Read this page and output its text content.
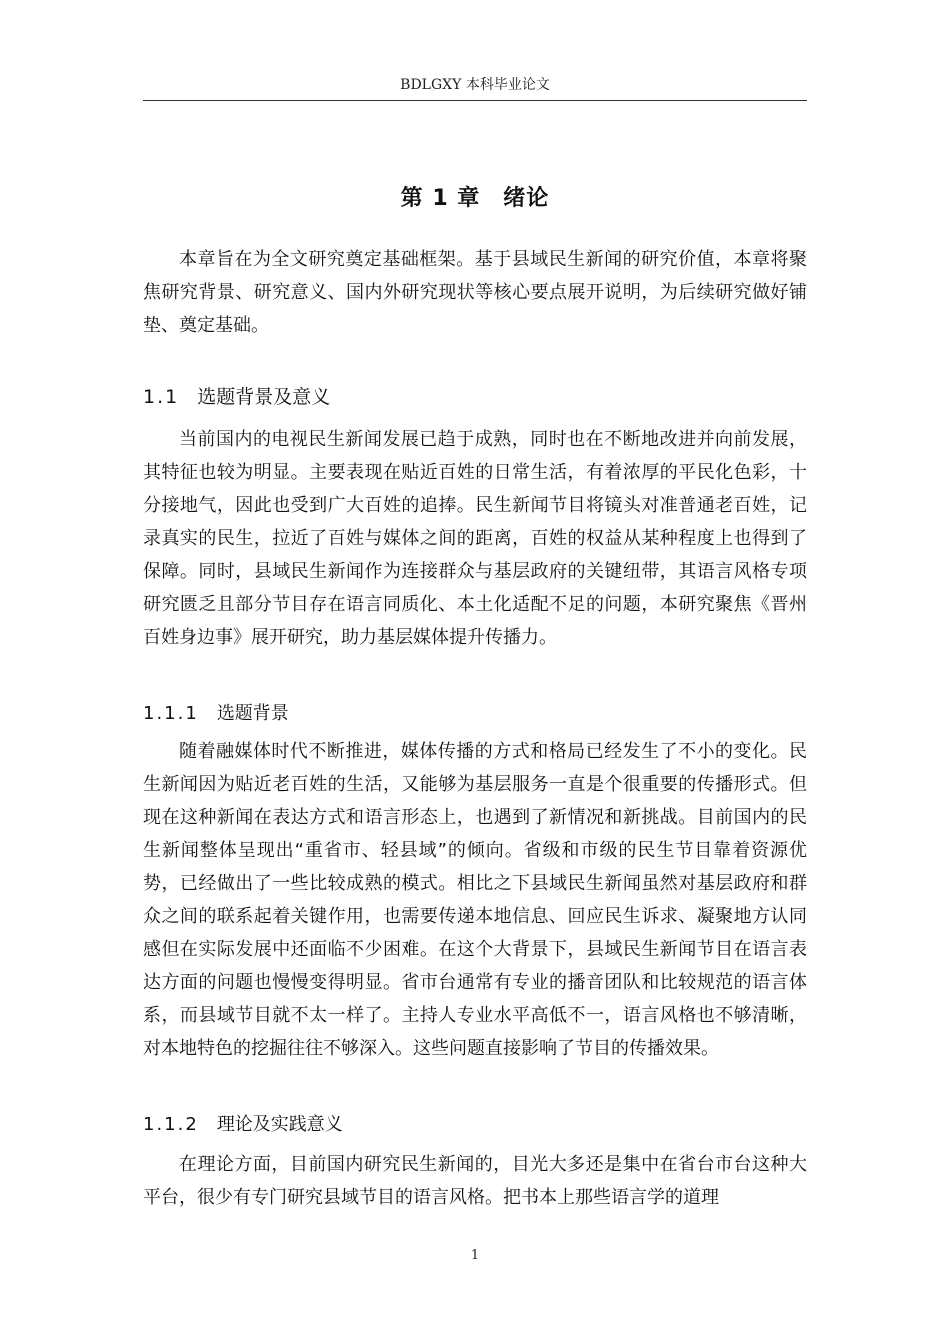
BDLGXY 本科毕业论文
第 1 章　绪论

本章旨在为全文研究奠定基础框架。基于县域民生新闻的研究价值，本章将聚焦研究背景、研究意义、国内外研究现状等核心要点展开说明，为后续研究做好铺垫、奠定基础。

1.1 选题背景及意义

当前国内的电视民生新闻发展已趋于成熟，同时也在不断地改进并向前发展，其特征也较为明显。主要表现在贴近百姓的日常生活，有着浓厚的平民化色彩，十分接地气，因此也受到广大百姓的追捧。民生新闻节目将镜头对准普通老百姓，记录真实的民生，拉近了百姓与媒体之间的距离，百姓的权益从某种程度上也得到了保障。同时，县域民生新闻作为连接群众与基层政府的关键纽带，其语言风格专项研究匮乏且部分节目存在语言同质化、本土化适配不足的问题，本研究聚焦《晋州百姓身边事》展开研究，助力基层媒体提升传播力。

1.1.1 选题背景

随着融媒体时代不断推进，媒体传播的方式和格局已经发生了不小的变化。民生新闻因为贴近老百姓的生活，又能够为基层服务一直是个很重要的传播形式。但现在这种新闻在表达方式和语言形态上，也遇到了新情况和新挑战。目前国内的民生新闻整体呈现出“重省市、轻县域”的倾向。省级和市级的民生节目靠着资源优势，已经做出了一些比较成熟的模式。相比之下县域民生新闻虽然对基层政府和群众之间的联系起着关键作用，也需要传递本地信息、回应民生诉求、凝聚地方认同感但在实际发展中还面临不少困难。在这个大背景下，县域民生新闻节目在语言表达方面的问题也慢慢变得明显。省市台通常有专业的播音团队和比较规范的语言体系，而县域节目就不太一样了。主持人专业水平高低不一，语言风格也不够清晰，对本地特色的挖掘往往不够深入。这些问题直接影响了节目的传播效果。

1.1.2 理论及实践意义

在理论方面，目前国内研究民生新闻的，目光大多还是集中在省台市台这种大平台，很少有专门研究县域节目的语言风格。把书本上那些语言学的道理

1
